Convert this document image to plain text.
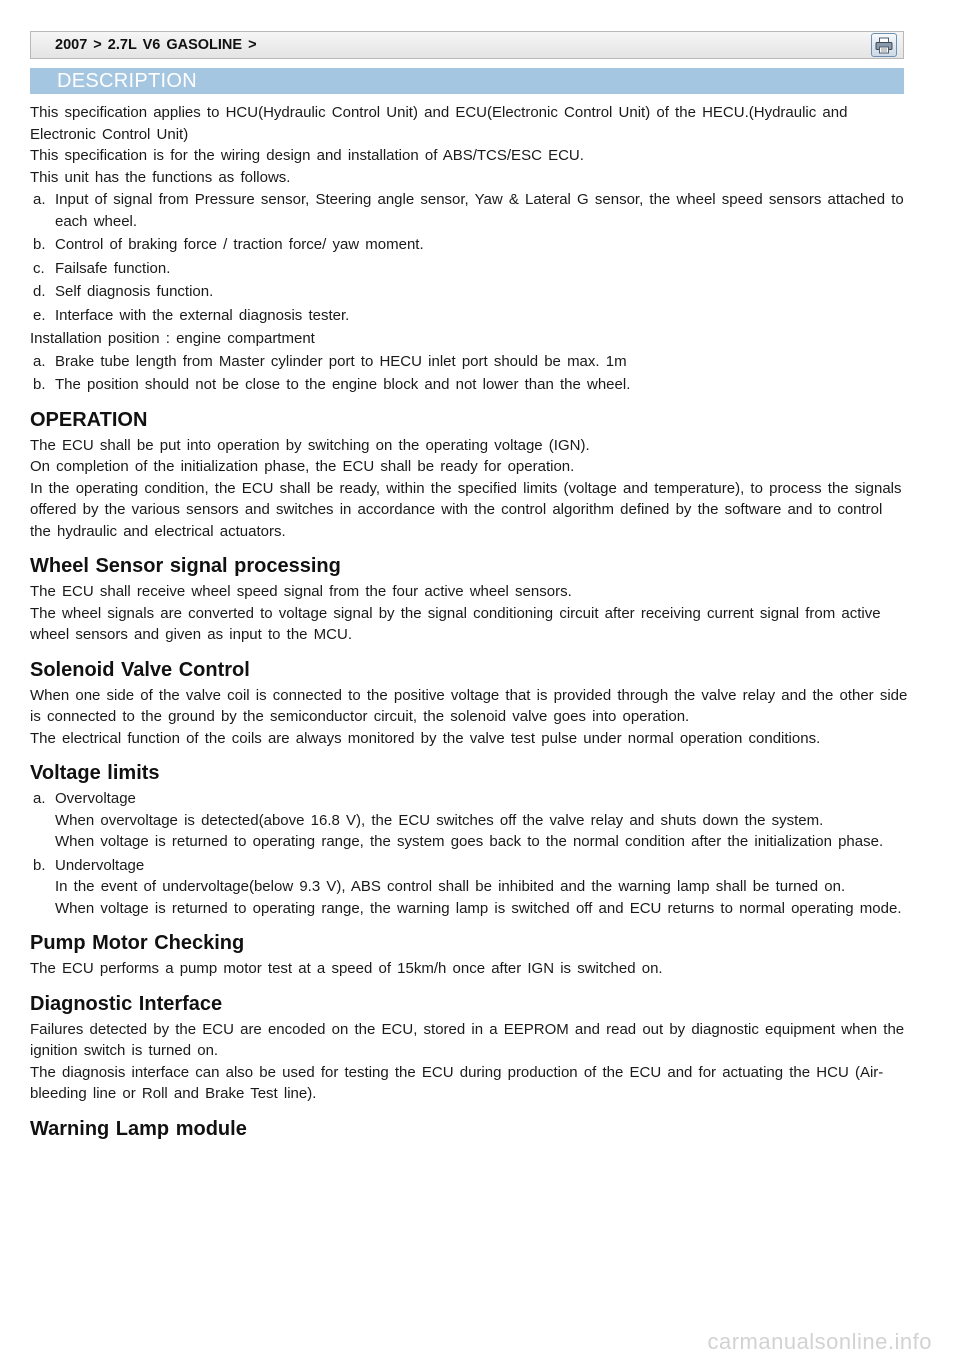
2007 > 2.7L V6 GASOLINE >
DESCRIPTION

This specification applies to HCU(Hydraulic Control Unit) and ECU(Electronic Control Unit) of the HECU.(Hydraulic and Electronic Control Unit)

This specification is for the wiring design and installation of ABS/TCS/ESC ECU.

This unit has the functions as follows.

a. Input of signal from Pressure sensor, Steering angle sensor, Yaw & Lateral G sensor, the wheel speed sensors attached to each wheel.
b. Control of braking force / traction force/ yaw moment.
c. Failsafe function.
d. Self diagnosis function.
e. Interface with the external diagnosis tester.

Installation position : engine compartment

a. Brake tube length from Master cylinder port to HECU inlet port should be max. 1m
b. The position should not be close to the engine block and not lower than the wheel.
OPERATION

The ECU shall be put into operation by switching on the operating voltage (IGN).

On completion of the initialization phase, the ECU shall be ready for operation.

In the operating condition, the ECU shall be ready, within the specified limits (voltage and temperature), to process the signals offered by the various sensors and switches in accordance with the control algorithm defined by the software and to control the hydraulic and electrical actuators.

Wheel Sensor signal processing

The ECU shall receive wheel speed signal from the four active wheel sensors.

The wheel signals are converted to voltage signal by the signal conditioning circuit after receiving current signal from active wheel sensors and given as input to the MCU.

Solenoid Valve Control

When one side of the valve coil is connected to the positive voltage that is provided through the valve relay and the other side is connected to the ground by the semiconductor circuit, the solenoid valve goes into operation.

The electrical function of the coils are always monitored by the valve test pulse under normal operation conditions.

Voltage limits
a. Overvoltage
When overvoltage is detected(above 16.8 V), the ECU switches off the valve relay and shuts down the system.
When voltage is returned to operating range, the system goes back to the normal condition after the initialization phase.
b. Undervoltage
In the event of undervoltage(below 9.3 V), ABS control shall be inhibited and the warning lamp shall be turned on.
When voltage is returned to operating range, the warning lamp is switched off and ECU returns to normal operating mode.
Pump Motor Checking

The ECU performs a pump motor test at a speed of 15km/h once after IGN is switched on.

Diagnostic Interface

Failures detected by the ECU are encoded on the ECU, stored in a EEPROM and read out by diagnostic equipment when the ignition switch is turned on.

The diagnosis interface can also be used for testing the ECU during production of the ECU and for actuating the HCU (Air-bleeding line or Roll and Brake Test line).

Warning Lamp module
carmanualsonline.info
